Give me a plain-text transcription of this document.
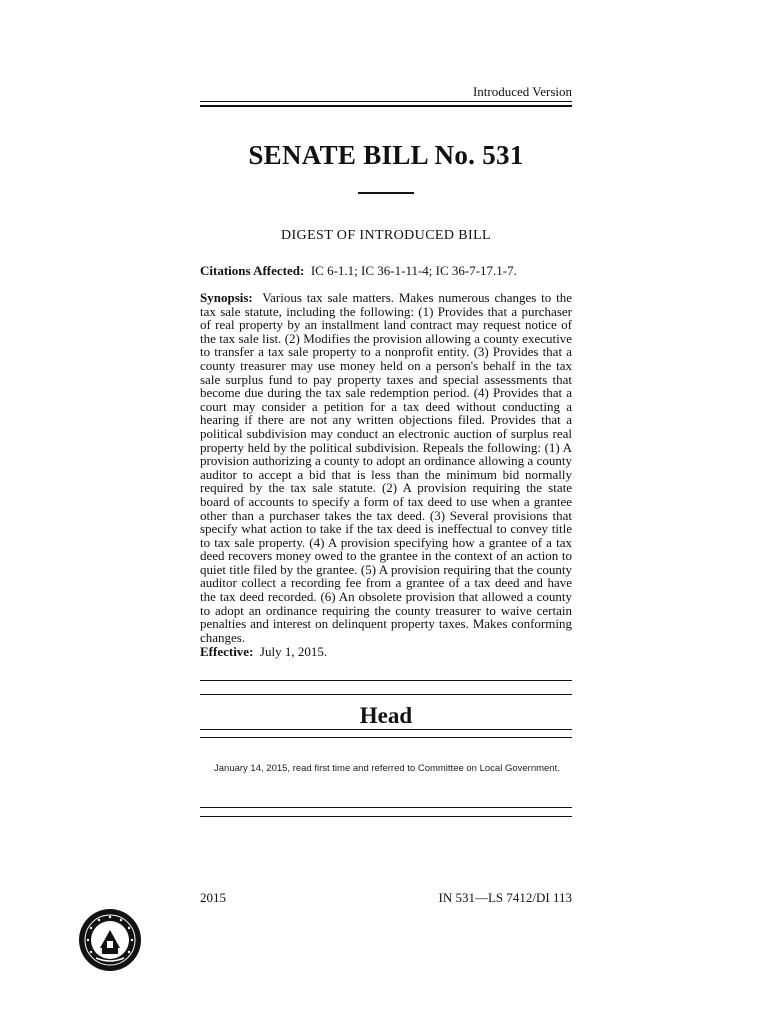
Introduced Version
SENATE BILL No. 531
DIGEST OF INTRODUCED BILL
Citations Affected: IC 6-1.1; IC 36-1-11-4; IC 36-7-17.1-7.
Synopsis: Various tax sale matters. Makes numerous changes to the tax sale statute, including the following: (1) Provides that a purchaser of real property by an installment land contract may request notice of the tax sale list. (2) Modifies the provision allowing a county executive to transfer a tax sale property to a nonprofit entity. (3) Provides that a county treasurer may use money held on a person's behalf in the tax sale surplus fund to pay property taxes and special assessments that become due during the tax sale redemption period. (4) Provides that a court may consider a petition for a tax deed without conducting a hearing if there are not any written objections filed. Provides that a political subdivision may conduct an electronic auction of surplus real property held by the political subdivision. Repeals the following: (1) A provision authorizing a county to adopt an ordinance allowing a county auditor to accept a bid that is less than the minimum bid normally required by the tax sale statute. (2) A provision requiring the state board of accounts to specify a form of tax deed to use when a grantee other than a purchaser takes the tax deed. (3) Several provisions that specify what action to take if the tax deed is ineffectual to convey title to tax sale property. (4) A provision specifying how a grantee of a tax deed recovers money owed to the grantee in the context of an action to quiet title filed by the grantee. (5) A provision requiring that the county auditor collect a recording fee from a grantee of a tax deed and have the tax deed recorded. (6) An obsolete provision that allowed a county to adopt an ordinance requiring the county treasurer to waive certain penalties and interest on delinquent property taxes. Makes conforming changes.
Effective: July 1, 2015.
Head
January 14, 2015, read first time and referred to Committee on Local Government.
2015	IN 531—LS 7412/DI 113
